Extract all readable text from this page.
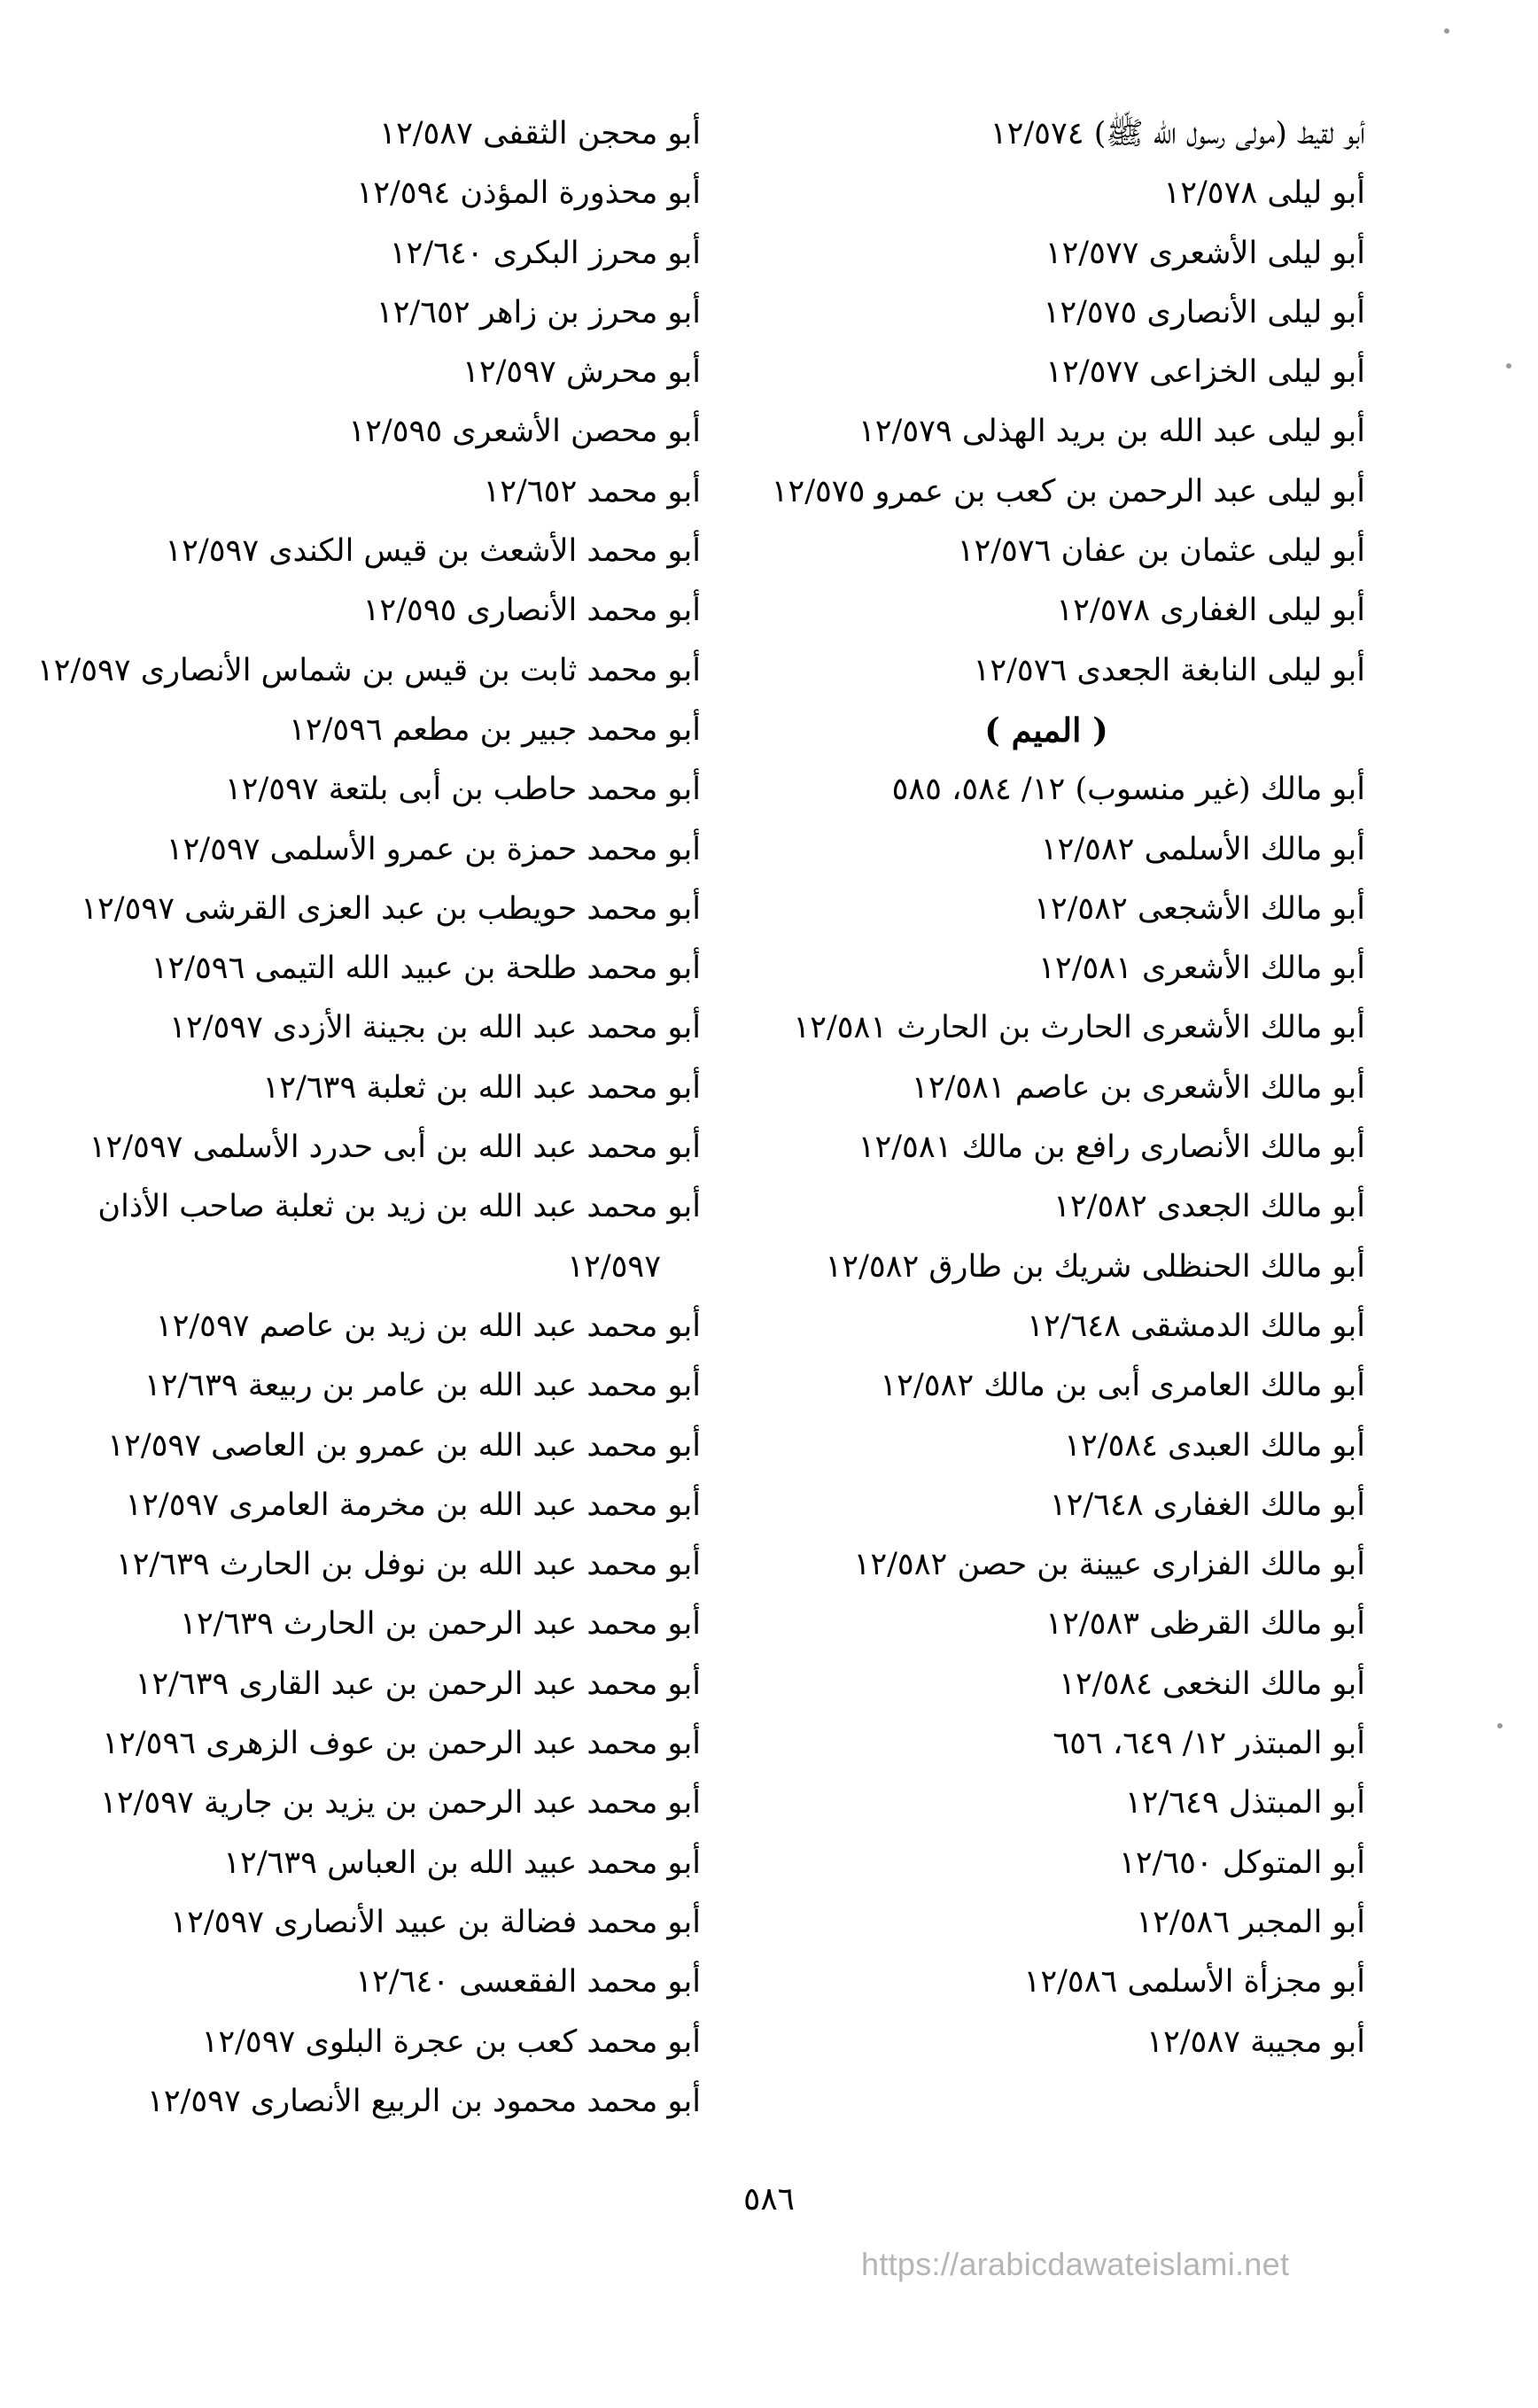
أبو لقيط (مولى رسول الله ﷺ) ١٢/٥٧٤
أبو ليلى ١٢/٥٧٨
أبو ليلى الأشعرى ١٢/٥٧٧
أبو ليلى الأنصارى ١٢/٥٧٥
أبو ليلى الخزاعى ١٢/٥٧٧
أبو ليلى عبد الله بن بريد الهذلى ١٢/٥٧٩
أبو ليلى عبد الرحمن بن كعب بن عمرو ١٢/٥٧٥
أبو ليلى عثمان بن عفان ١٢/٥٧٦
أبو ليلى الغفارى ١٢/٥٧٨
أبو ليلى النابغة الجعدى ١٢/٥٧٦
( الميم )
أبو مالك (غير منسوب) ١٢/ ٥٨٤، ٥٨٥
أبو مالك الأسلمى ١٢/٥٨٢
أبو مالك الأشجعى ١٢/٥٨٢
أبو مالك الأشعرى ١٢/٥٨١
أبو مالك الأشعرى الحارث بن الحارث ١٢/٥٨١
أبو مالك الأشعرى بن عاصم ١٢/٥٨١
أبو مالك الأنصارى رافع بن مالك ١٢/٥٨١
أبو مالك الجعدى ١٢/٥٨٢
أبو مالك الحنظلى شريك بن طارق ١٢/٥٨٢
أبو مالك الدمشقى ١٢/٦٤٨
أبو مالك العامرى أبى بن مالك ١٢/٥٨٢
أبو مالك العبدى ١٢/٥٨٤
أبو مالك الغفارى ١٢/٦٤٨
أبو مالك الفزارى عيينة بن حصن ١٢/٥٨٢
أبو مالك القرظى ١٢/٥٨٣
أبو مالك النخعى ١٢/٥٨٤
أبو المبتذر ١٢/ ٦٤٩، ٦٥٦
أبو المبتذل ١٢/٦٤٩
أبو المتوكل ١٢/٦٥٠
أبو المجبر ١٢/٥٨٦
أبو مجزأة الأسلمى ١٢/٥٨٦
أبو مجيبة ١٢/٥٨٧
أبو محجن الثقفى ١٢/٥٨٧
أبو محذورة المؤذن ١٢/٥٩٤
أبو محرز البكرى ١٢/٦٤٠
أبو محرز بن زاهر ١٢/٦٥٢
أبو محرش ١٢/٥٩٧
أبو محصن الأشعرى ١٢/٥٩٥
أبو محمد ١٢/٦٥٢
أبو محمد الأشعث بن قيس الكندى ١٢/٥٩٧
أبو محمد الأنصارى ١٢/٥٩٥
أبو محمد ثابت بن قيس بن شماس الأنصارى ١٢/٥٩٧
أبو محمد جبير بن مطعم ١٢/٥٩٦
أبو محمد حاطب بن أبى بلتعة ١٢/٥٩٧
أبو محمد حمزة بن عمرو الأسلمى ١٢/٥٩٧
أبو محمد حويطب بن عبد العزى القرشى ١٢/٥٩٧
أبو محمد طلحة بن عبيد الله التيمى ١٢/٥٩٦
أبو محمد عبد الله بن بجينة الأزدى ١٢/٥٩٧
أبو محمد عبد الله بن ثعلبة ١٢/٦٣٩
أبو محمد عبد الله بن أبى حدرد الأسلمى ١٢/٥٩٧
أبو محمد عبد الله بن زيد بن ثعلبة صاحب الأذان
١٢/٥٩٧
أبو محمد عبد الله بن زيد بن عاصم ١٢/٥٩٧
أبو محمد عبد الله بن عامر بن ربيعة ١٢/٦٣٩
أبو محمد عبد الله بن عمرو بن العاصى ١٢/٥٩٧
أبو محمد عبد الله بن مخرمة العامرى ١٢/٥٩٧
أبو محمد عبد الله بن نوفل بن الحارث ١٢/٦٣٩
أبو محمد عبد الرحمن بن الحارث ١٢/٦٣٩
أبو محمد عبد الرحمن بن عبد القارى ١٢/٦٣٩
أبو محمد عبد الرحمن بن عوف الزهرى ١٢/٥٩٦
أبو محمد عبد الرحمن بن يزيد بن جارية ١٢/٥٩٧
أبو محمد عبيد الله بن العباس ١٢/٦٣٩
أبو محمد فضالة بن عبيد الأنصارى ١٢/٥٩٧
أبو محمد الفقعسى ١٢/٦٤٠
أبو محمد كعب بن عجرة البلوى ١٢/٥٩٧
أبو محمد محمود بن الربيع الأنصارى ١٢/٥٩٧
٥٨٦
https://arabicdawateislami.net
